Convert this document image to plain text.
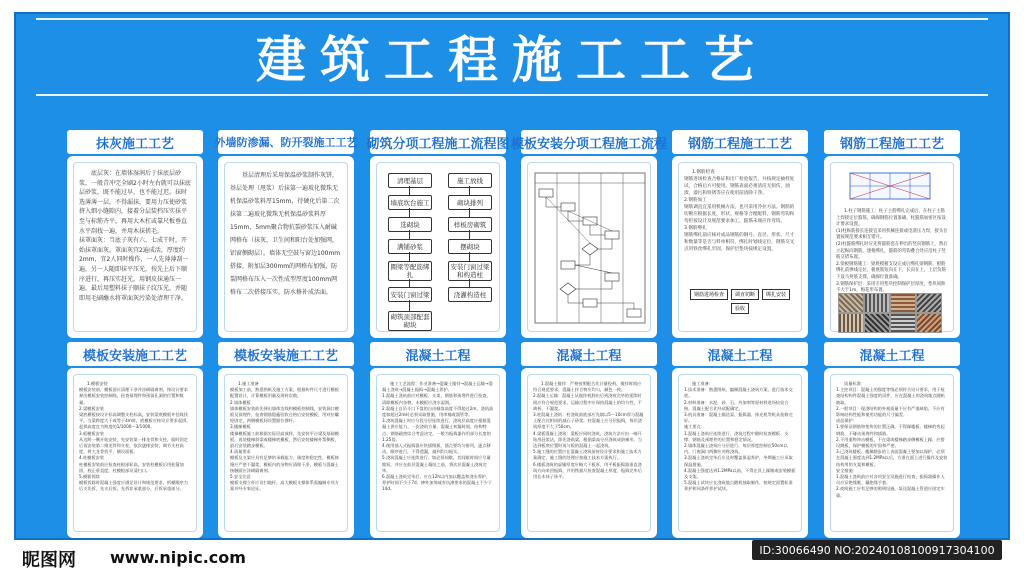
建筑工程施工工艺
抹灰施工工艺	外墙防渗漏、防开裂施工工艺 砌筑分项工程施工流程图 模板安装分项工程施工流程	钢筋工程施工工艺	钢筋工程施工工艺
底层灰：在墙体湿润后于抹底层砂浆，一般青冲完全刷2小时左右就可以抹底层砂浆，既不能过早，也不能过迟。抹时选薄薄一层，不得漏抹，要用力压使砂浆挤入细小缝隙内，接着分层装档压实抹平至与标筋齐平，再用大木杠或靠尺板垂直水平刮找一遍，并用木抹搓毛。
抹罩面灰：当底子灰有六、七成干时，开始抹罩面灰。罩面灰宜2遍成活，厚度约2mm，宜2人同时操作，一人先薄薄刮一遍，另一人随即抹平压光，按先上后下顺序进行，再压实赶光，用钢皮抹通压一遍，最后用塑料抹子顺抹子纹压光，并随即用毛刷蘸水将罩面灰污染处清理干净。
基层清理后采用保温砂浆制作灰饼，基层处理（甩浆）后抹第一遍玻化微珠无机保温砂浆料厚15mm，待硬化后第二次抹第二遍玻化微珠无机保温砂浆料厚15mm，5mm聚合物抗裂砂浆压入耐碱网格布（抹灰、卫生间和阳台处加强网，铝窗侧砌层）。墙体无空鼓与窗边100mm搭接，附加层300mm的网格布加强，防裂网格布压入一次性成型厚度100mm网格布二次搭接压实，防水修补成活面。
清理基层	施工放线
墙底坎台施工	砌块排列
选砌块	样板房砌筑
满铺砂浆	摆砌块
圈梁等配筋绑扎
安装门窗过梁和构造柱
安装门窗过梁	浇灌构造柱
砌筑顶部配套砌块
1.钢筋检查
钢筋进场检查合格证和出厂检验报告，并按规定抽样复试，合格后方可使用。钢筋表面必须清洁无损伤，油渍、漆污和铁锈等应在使用前清除干净。
2.钢筋加工
钢筋调直宜采用机械方法，也可采用冷拉方法。钢筋的切断应根据长度、形状、规格等合理配料，钢筋弯钩和弯折按设计及规范要求加工，箍筋末端应作弯钩。
3.钢筋绑扎
钢筋绑扎前应核对成品钢筋的钢号、直径、形状、尺寸和数量等是否与料单相符，绑扎时划线定位，钢筋交叉点用铁丝绑扎牢固，保护层垫块按规定设置。
钢筋进场检查	调直切断	绑扎安装
验收
1.柱子钢筋施工：柱子主筋绑扎完成后，在柱子主筋上焊接定位箍筋，确保钢筋位置准确，柱箍筋加密区按设计要求设置。
(1)柱纵筋接长连接宜采用机械连接或电渣压力焊，接头位置按规范要求相互错开。
(2)柱箍筋绑扎时应先将箍筋套在伸出的竖向钢筋上，然后立起纵向钢筋，逐根绑扎，箍筋的弯钩叠合处应沿柱子竖筋交错布置。
2.梁板钢筋施工：梁底模板支设完成后绑扎梁钢筋，板筋绑扎前弹线定位，板底筋短向在下，长向在上，上层负筋下设马凳筋支撑，确保位置准确。
3.钢筋保护层：采用专用垫块控制保护层厚度，垫块间距不大于1m，梅花形布置。
模板安装施工工艺	模板安装施工工艺	混凝土工程	混凝土工程	混凝土工程	混凝土工程
1.模板安装
模板安装前，模板面应清理干净并涂刷隔离剂，按设计要求弹出模板安装控制线，检查预埋件和预留孔洞的位置和数量。
2.梁模板安装
梁底模板按设计标高调整支柱标高，安装梁底模板并拉线找平。当梁跨度大于或等于4m时，底模板应按设计要求起拱，起拱高度宜为跨度的1/1000～3/1000。
3.板模板安装
从边跨一侧开始安装，先安装第一排龙骨和支柱，临时固定后再安装第二排龙骨和支柱，依次逐排安装，调节支柱高度，将大龙骨找平，铺设面板。
4.柱模板安装
柱模板安装前应检查柱根部标高，安装柱模板后用柱箍加固，校正垂直度，柱模根部设清扫口。
5.模板拆除
模板拆除时混凝土强度应满足设计和规范要求，拆模顺序为后支先拆、先支后拆，先拆非承重部分，后拆承重部分。
1.施工准备
模板加工前，熟悉图纸及施工方案，根据构件尺寸进行模板配置设计，计算模板用量及周转次数。
2.墙体模板
墙体模板安装前先弹出墙体边线和模板控制线，安装洞口模板及预埋件，检查钢筋隐蔽验收合格后安装模板，用对拉螺栓固定，两侧模板间设置限位撑杆。
3.楼梯模板
楼梯模板施工前根据实际层高放样，先安装平台梁及基础模板，再装楼梯斜梁或楼梯底模板，然后安装楼梯外帮侧板，最后安装踏步模板。
4.质量要求
模板及支架应具有足够的承载能力、刚度和稳定性，模板接缝应严密不漏浆，模板内的杂物应清理干净，模板与混凝土接触面应涂刷隔离剂。
5.安全注意
模板支撑立杆应设扫地杆，高大模板支撑体系需编制专项方案并经专家论证。
施工工艺流程：作业准备→混凝土搅拌→混凝土运输→混凝土浇筑→混凝土振捣→混凝土养护。
1.混凝土浇筑前应对模板、支架、钢筋和预埋件进行检查，清除模板内杂物，木模板应浇水湿润。
2.混凝土自吊斗口下落的自由倾落高度不得超过2m，浇筑高度如超过2m时必须采取措施，用串桶或溜管等。
3.浇筑混凝土时应分段分层连续进行，浇筑层高度应根据混凝土供应能力、一次浇筑方量、混凝土初凝时间、结构特点、钢筋疏密综合考虑决定，一般为振捣器作用部分长度的1.25倍。
4.使用插入式振捣器应快插慢拔，插点要均匀排列，逐点移动，顺序进行，不得遗漏，做到均匀振实。
5.浇筑混凝土应连续进行。如必须间歇，其间歇时间应尽量缩短，并应在前层混凝土凝结之前，将次层混凝土浇筑完毕。
6.混凝土浇筑完毕后，应在12h以内加以覆盖和浇水养护，养护时间不少于7d，掺外加剂或有抗渗要求的混凝土不少于14d。
1.混凝土搅拌：严格按照配合比计量投料，搅拌时间应符合规范要求，混凝土拌合物应均匀，颜色一致。
2.混凝土运输：混凝土从搅拌机卸出后到浇筑完毕的延续时间应符合规范要求，运输过程中应保持混凝土的均匀性，不离析、不漏浆。
3.柱混凝土浇筑：柱浇筑前底部应先填以5～10cm厚与混凝土配合比相同的减石子砂浆，柱混凝土应分层振捣，每层浇筑厚度不大于50cm。
4.梁板混凝土浇筑：梁板应同时浇筑，浇筑方法应由一端开始用赶浆法，即先浇筑梁，根据梁高分层浇筑成阶梯形，当达到板底位置时再与板的混凝土一起浇筑。
5.施工缝的位置应在混凝土浇筑前按设计要求和施工技术方案确定，施工缝的处理应按施工技术方案执行。
6.楼板浇筑的虚铺厚度应略大于板厚，用平板振捣器垂直浇筑方向来回振捣，并用铁插尺检查混凝土厚度，振捣完毕后用长木抹子抹平。
施工准备：
1.技术准备：熟悉图纸，编制混凝土浇筑方案，进行技术交底。
2.材料准备：水泥、砂、石、外加剂等原材料进场检验合格，混凝土配合比经试配确定。
3.机具准备：混凝土输送泵、振捣器、抹光机等机具检修完好。
施工要点：
1.混凝土浇筑应连续进行，浇筑过程中随时检查模板、支撑、钢筋及预埋件的位置和稳定情况。
2.墙体混凝土浇筑应分层进行，每层厚度控制在50cm以内，门窗洞口两侧应对称浇筑。
3.混凝土浇筑完毕后应及时覆盖保湿养护，冬期施工应采取保温措施。
4.混凝土强度达到1.2MPa以前，不得在其上踩踏或安装模板及支架。
5.混凝土试块应在浇筑地点随机抽取制作，按规定留置标准养护和同条件养护试块。
质量标准：
1.主控项目：混凝土的强度等级必须符合设计要求，用于检查结构构件混凝土强度的试件，应在混凝土的浇筑地点随机抽取。
2.一般项目：现浇结构的外观质量不应有严重缺陷，不应有影响结构性能和使用功能的尺寸偏差。
成品保护：
1.要保证钢筋和垫块的位置正确，不得踩楼板、楼梯的弯起钢筋，不碰动预埋件和插筋。
2.不用重物冲击模板，不在梁或楼梯踏步侧模板上踩，应搭设跳板，保护模板的牢固和严密。
3.已浇筑楼板、楼梯踏步的上表面混凝土要加以保护，必须在混凝土强度达到1.2MPa以后，方准在面上进行操作及安装结构用的支架和模板。
安全措施：
1.混凝土浇筑前应对各项安全设施进行检查，振捣器操作人员应穿绝缘鞋、戴绝缘手套。
2.夜间施工应有足够的照明设施，泵送混凝土管道应固定牢靠。
昵图网 www.nipic.com	ID:30066490 NO:20240108100917304100
